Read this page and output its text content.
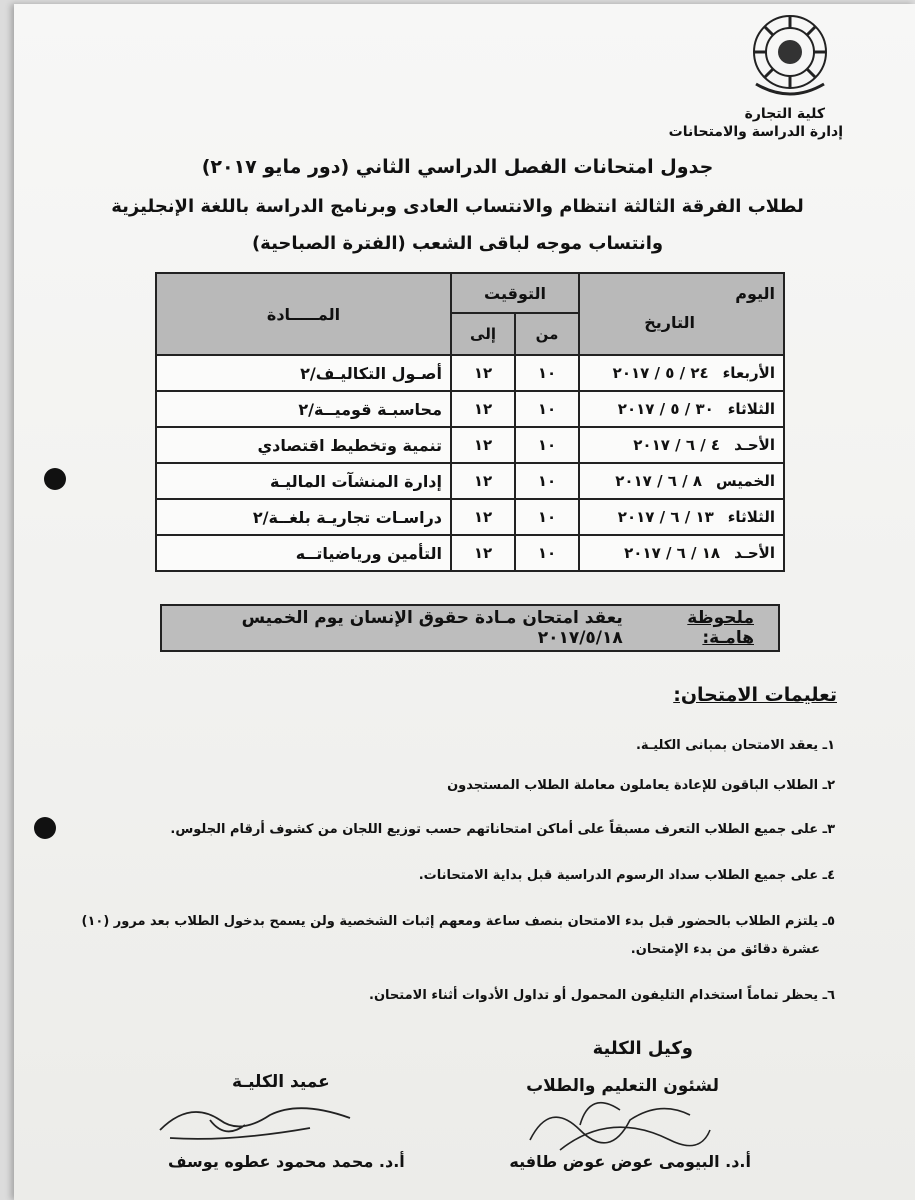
كلية التجارة
إدارة الدراسة والامتحانات
جدول امتحانات الفصل الدراسي الثاني (دور مايو ٢٠١٧)
لطلاب الفرقة الثالثة انتظام والانتساب العادى وبرنامج الدراسة باللغة الإنجليزية
وانتساب موجه لباقى الشعب (الفترة الصباحية)
اليوم
التاريخ	التوقيت		المـــــادة
	من	إلى	
الأربعاء٢٤ / ٥ / ٢٠١٧	١٠	١٢	أصـول التكاليـف/٢
الثلاثاء٣٠ / ٥ / ٢٠١٧	١٠	١٢	محاسبـة قوميــة/٢
الأحـد٤ / ٦ / ٢٠١٧	١٠	١٢	تنمية وتخطيط اقتصادي
الخميس٨ / ٦ / ٢٠١٧	١٠	١٢	إدارة المنشآت الماليـة
الثلاثاء١٣ / ٦ / ٢٠١٧	١٠	١٢	دراسـات تجاريـة بلغــة/٢
الأحـد١٨ / ٦ / ٢٠١٧	١٠	١٢	التأمين ورياضياتــه
ملحوظة هامـة:
يعقد امتحان مـادة حقوق الإنسان يوم الخميس ٢٠١٧/٥/١٨
تعليمات الامتحان:
١ـ يعقد الامتحان بمبانى الكليـة.
٢ـ الطلاب الباقون للإعادة يعاملون معاملة الطلاب المستجدون
٣ـ على جميع الطلاب التعرف مسبقاً على أماكن امتحاناتهم حسب توزيع اللجان من كشوف أرقام الجلوس.
٤ـ على جميع الطلاب سداد الرسوم الدراسية قبل بداية الامتحانات.
٥ـ يلتزم الطلاب بالحضور قبل بدء الامتحان بنصف ساعة ومعهم إثبات الشخصية ولن يسمح بدخول الطلاب بعد مرور (١٠)
عشرة دقائق من بدء الإمتحان.
٦ـ يحظر تماماً استخدام التليفون المحمول أو تداول الأدوات أثناء الامتحان.
وكيل الكلية
لشئون التعليم والطلاب
أ.د. البيومى عوض عوض طافيه
عميد الكليـة
أ.د. محمد محمود عطوه يوسف
